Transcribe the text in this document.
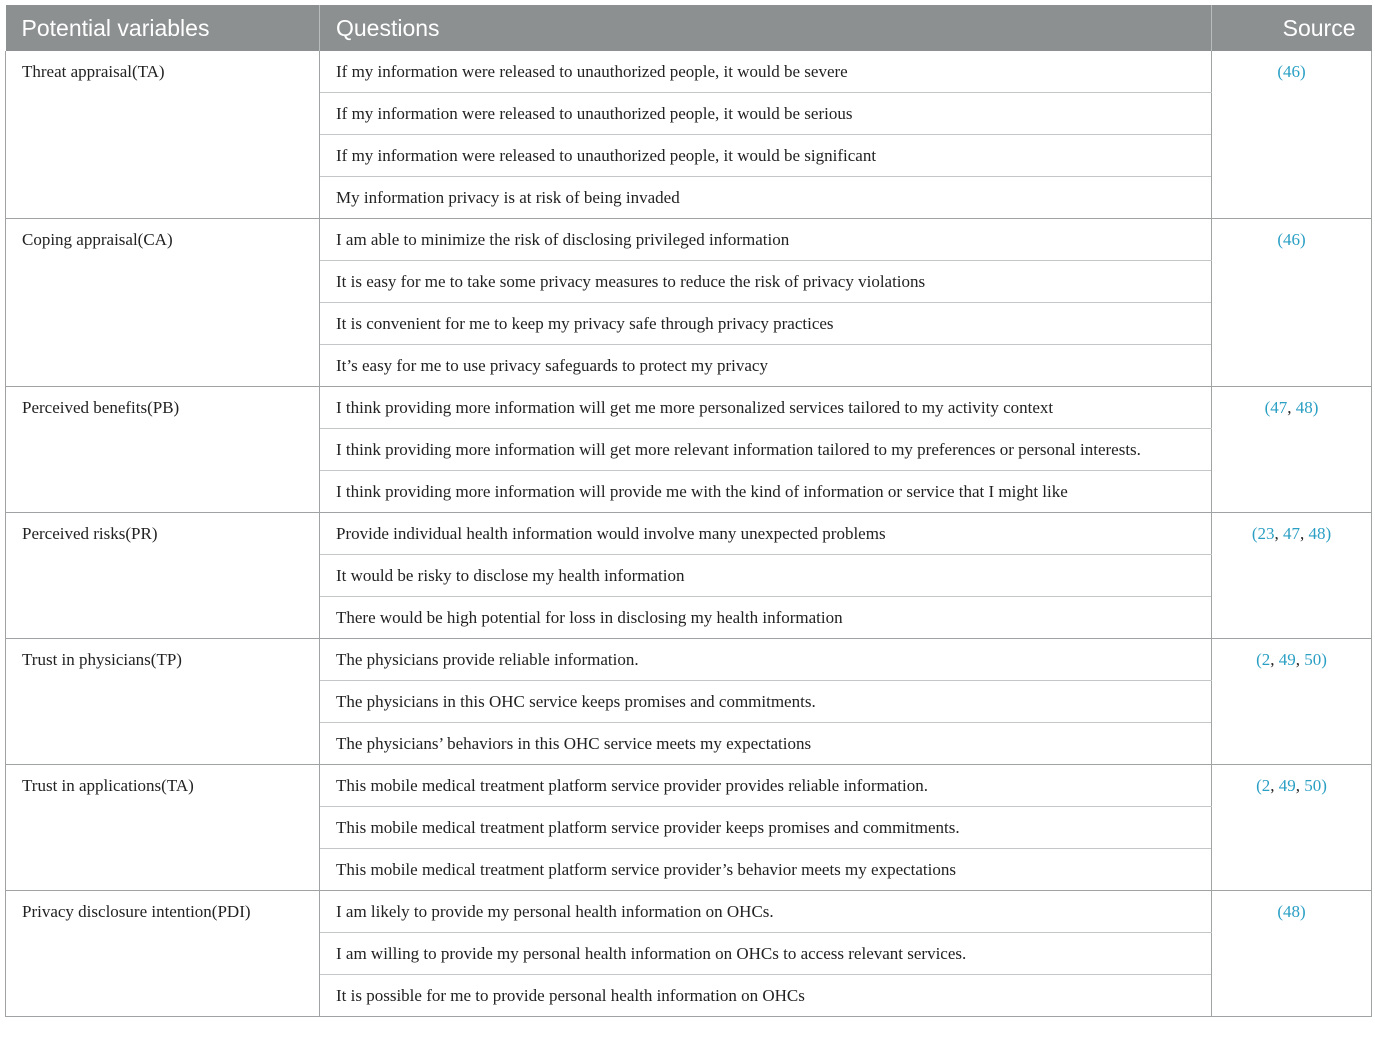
Potential variables	Questions	Source
Threat appraisal(TA)	If my information were released to unauthorized people, it would be severe	(46)
	If my information were released to unauthorized people, it would be serious	
	If my information were released to unauthorized people, it would be significant	
	My information privacy is at risk of being invaded	
Coping appraisal(CA)	I am able to minimize the risk of disclosing privileged information	(46)
	It is easy for me to take some privacy measures to reduce the risk of privacy violations	
	It is convenient for me to keep my privacy safe through privacy practices	
	It’s easy for me to use privacy safeguards to protect my privacy	
Perceived benefits(PB)	I think providing more information will get me more personalized services tailored to my activity context	(47, 48)
	I think providing more information will get more relevant information tailored to my preferences or personal interests.	
	I think providing more information will provide me with the kind of information or service that I might like	
Perceived risks(PR)	Provide individual health information would involve many unexpected problems	(23, 47, 48)
	It would be risky to disclose my health information	
	There would be high potential for loss in disclosing my health information	
Trust in physicians(TP)	The physicians provide reliable information.	(2, 49, 50)
	The physicians in this OHC service keeps promises and commitments.	
	The physicians’ behaviors in this OHC service meets my expectations	
Trust in applications(TA)	This mobile medical treatment platform service provider provides reliable information.	(2, 49, 50)
	This mobile medical treatment platform service provider keeps promises and commitments.	
	This mobile medical treatment platform service provider’s behavior meets my expectations	
Privacy disclosure intention(PDI)	I am likely to provide my personal health information on OHCs.	(48)
	I am willing to provide my personal health information on OHCs to access relevant services.	
	It is possible for me to provide personal health information on OHCs	
